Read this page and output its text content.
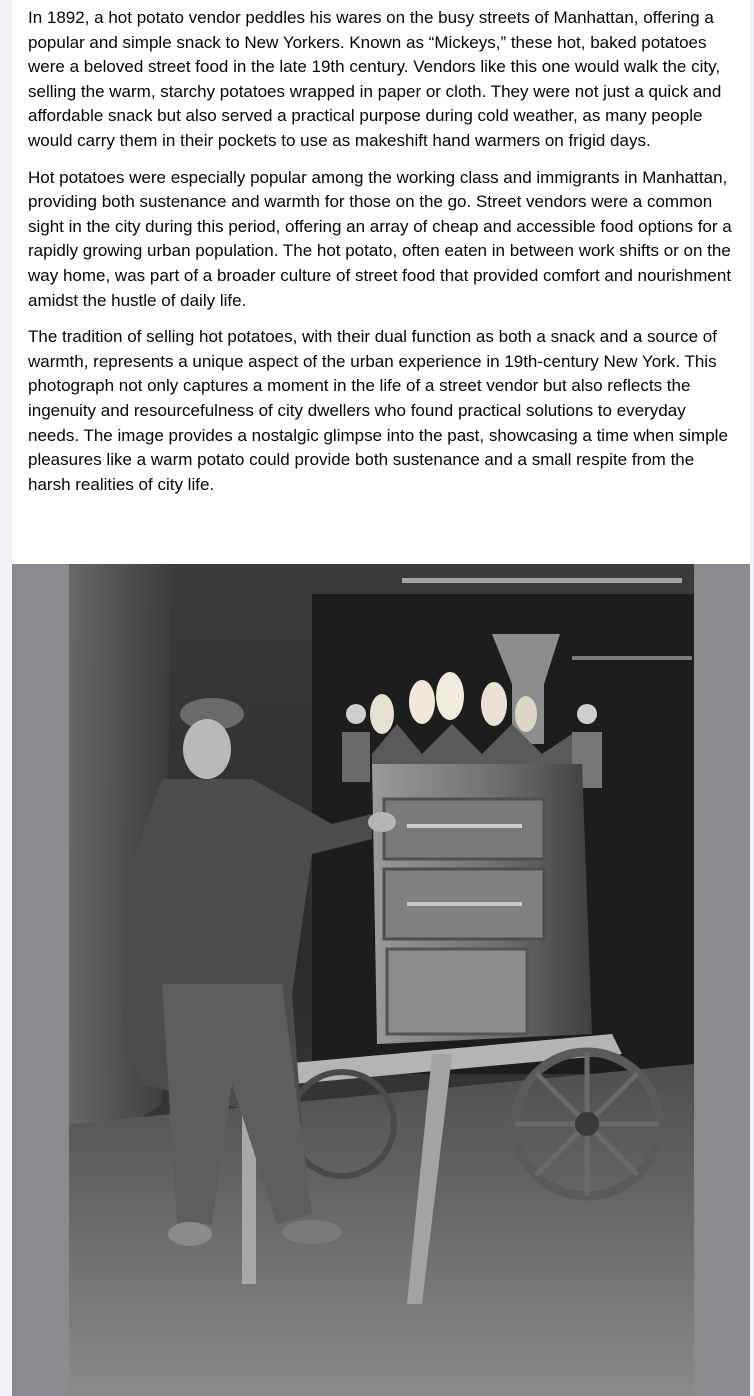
In 1892, a hot potato vendor peddles his wares on the busy streets of Manhattan, offering a popular and simple snack to New Yorkers. Known as “Mickeys,” these hot, baked potatoes were a beloved street food in the late 19th century. Vendors like this one would walk the city, selling the warm, starchy potatoes wrapped in paper or cloth. They were not just a quick and affordable snack but also served a practical purpose during cold weather, as many people would carry them in their pockets to use as makeshift hand warmers on frigid days.

Hot potatoes were especially popular among the working class and immigrants in Manhattan, providing both sustenance and warmth for those on the go. Street vendors were a common sight in the city during this period, offering an array of cheap and accessible food options for a rapidly growing urban population. The hot potato, often eaten in between work shifts or on the way home, was part of a broader culture of street food that provided comfort and nourishment amidst the hustle of daily life.

The tradition of selling hot potatoes, with their dual function as both a snack and a source of warmth, represents a unique aspect of the urban experience in 19th-century New York. This photograph not only captures a moment in the life of a street vendor but also reflects the ingenuity and resourcefulness of city dwellers who found practical solutions to everyday needs. The image provides a nostalgic glimpse into the past, showcasing a time when simple pleasures like a warm potato could provide both sustenance and a small respite from the harsh realities of city life.
